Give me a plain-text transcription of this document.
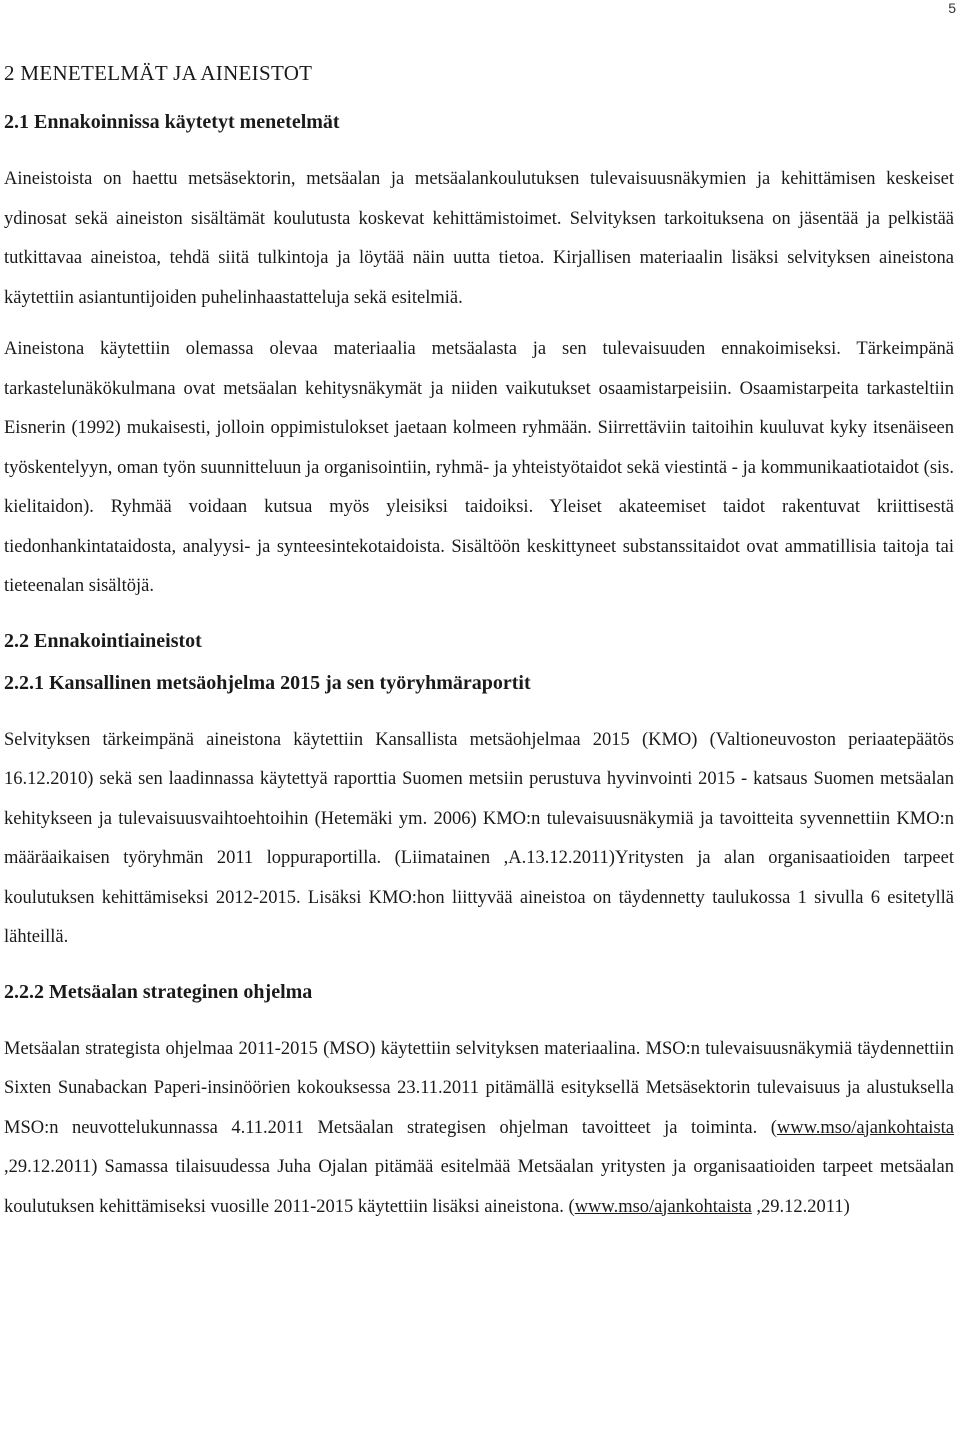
5
2 MENETELMÄT JA AINEISTOT
2.1 Ennakoinnissa käytetyt menetelmät

Aineistoista on haettu metsäsektorin, metsäalan ja metsäalankoulutuksen tulevaisuusnäkymien ja kehittämisen keskeiset ydinosat sekä aineiston sisältämät koulutusta koskevat kehittämistoimet. Selvityksen tarkoituksena on jäsentää ja pelkistää tutkittavaa aineistoa, tehdä siitä tulkintoja ja löytää näin uutta tietoa. Kirjallisen materiaalin lisäksi selvityksen aineistona käytettiin asiantuntijoiden puhelinhaastatteluja sekä esitelmiä.

Aineistona käytettiin olemassa olevaa materiaalia metsäalasta ja sen tulevaisuuden ennakoimiseksi. Tärkeimpänä tarkastelunäkökulmana ovat metsäalan kehitysnäkymät ja niiden vaikutukset osaamistarpeisiin. Osaamistarpeita tarkasteltiin Eisnerin (1992) mukaisesti, jolloin oppimistulokset jaetaan kolmeen ryhmään. Siirrettäviin taitoihin kuuluvat kyky itsenäiseen työskentelyyn, oman työn suunnitteluun ja organisointiin, ryhmä- ja yhteistyötaidot sekä viestintä - ja kommunikaatiotaidot (sis. kielitaidon). Ryhmää voidaan kutsua myös yleisiksi taidoiksi. Yleiset akateemiset taidot rakentuvat kriittisestä tiedonhankintataidosta, analyysi- ja synteesintekotaidoista. Sisältöön keskittyneet substanssitaidot ovat ammatillisia taitoja tai tieteenalan sisältöjä.

2.2 Ennakointiaineistot
2.2.1 Kansallinen metsäohjelma 2015 ja sen työryhmäraportit

Selvityksen tärkeimpänä aineistona käytettiin Kansallista metsäohjelmaa 2015 (KMO) (Valtioneuvoston periaatepäätös 16.12.2010) sekä sen laadinnassa käytettyä raporttia Suomen metsiin perustuva hyvinvointi 2015 - katsaus Suomen metsäalan kehitykseen ja tulevaisuusvaihtoehtoihin (Hetemäki ym. 2006) KMO:n tulevaisuusnäkymiä ja tavoitteita syvennettiin KMO:n määräaikaisen työryhmän 2011 loppuraportilla. (Liimatainen ,A.13.12.2011)Yritysten ja alan organisaatioiden tarpeet koulutuksen kehittämiseksi 2012-2015. Lisäksi KMO:hon liittyvää aineistoa on täydennetty taulukossa 1 sivulla 6 esitetyllä lähteillä.

2.2.2 Metsäalan strateginen ohjelma

Metsäalan strategista ohjelmaa 2011-2015 (MSO) käytettiin selvityksen materiaalina. MSO:n tulevaisuusnäkymiä täydennettiin Sixten Sunabackan Paperi-insinöörien kokouksessa 23.11.2011 pitämällä esityksellä Metsäsektorin tulevaisuus ja alustuksella MSO:n neuvottelukunnassa 4.11.2011 Metsäalan strategisen ohjelman tavoitteet ja toiminta. (www.mso/ajankohtaista ,29.12.2011) Samassa tilaisuudessa Juha Ojalan pitämää esitelmää Metsäalan yritysten ja organisaatioiden tarpeet metsäalan koulutuksen kehittämiseksi vuosille 2011-2015 käytettiin lisäksi aineistona. (www.mso/ajankohtaista ,29.12.2011)
